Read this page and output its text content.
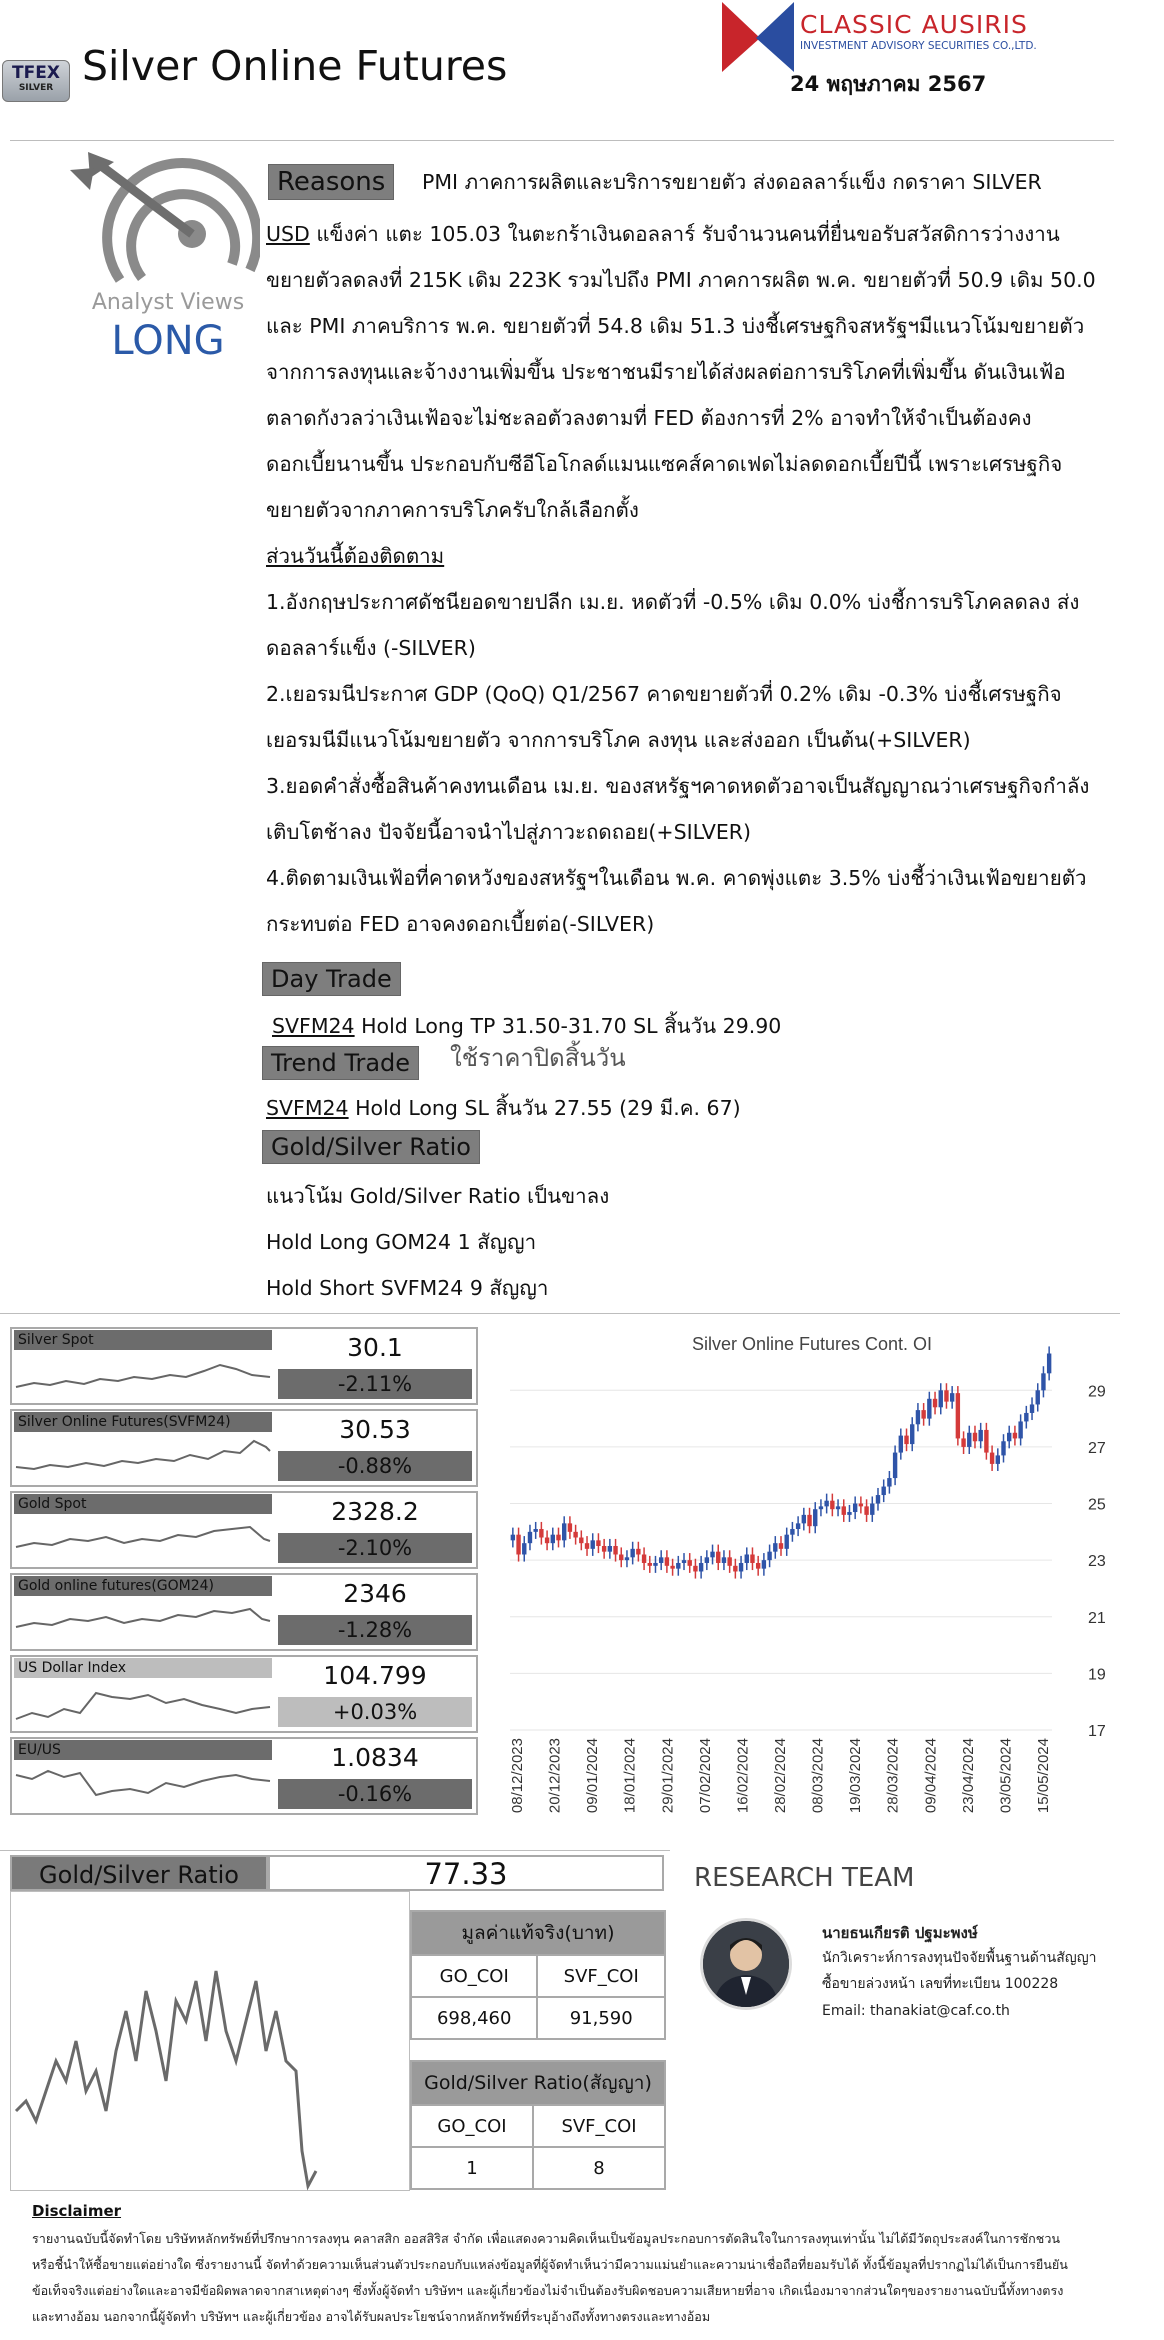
TFEX
SILVER Silver Online Futures
CLASSIC AUSIRIS
INVESTMENT ADVISORY SECURITIES CO.,LTD.
24 พฤษภาคม 2567
Analyst Views
LONG
Reasons	PMI ภาคการผลิตและบริการขยายตัว ส่งดอลลาร์แข็ง กดราคา SILVER
USD แข็งค่า แตะ 105.03 ในตะกร้าเงินดอลลาร์ รับจำนวนคนที่ยื่นขอรับสวัสดิการว่างงาน
ขยายตัวลดลงที่ 215K เดิม 223K รวมไปถึง PMI ภาคการผลิต พ.ค. ขยายตัวที่ 50.9 เดิม 50.0
และ PMI ภาคบริการ พ.ค. ขยายตัวที่ 54.8 เดิม 51.3 บ่งชี้เศรษฐกิจสหรัฐฯมีแนวโน้มขยายตัว
จากการลงทุนและจ้างงานเพิ่มขึ้น ประชาชนมีรายได้ส่งผลต่อการบริโภคที่เพิ่มขึ้น ดันเงินเฟ้อ
ตลาดกังวลว่าเงินเฟ้อจะไม่ชะลอตัวลงตามที่ FED ต้องการที่ 2% อาจทำให้จำเป็นต้องคง
ดอกเบี้ยนานขึ้น ประกอบกับซีอีโอโกลด์แมนแซคส์คาดเฟดไม่ลดดอกเบี้ยปีนี้ เพราะเศรษฐกิจ
ขยายตัวจากภาคการบริโภครับใกล้เลือกตั้ง
ส่วนวันนี้ต้องติดตาม
1.อังกฤษประกาศดัชนียอดขายปลีก เม.ย. หดตัวที่ -0.5% เดิม 0.0% บ่งชี้การบริโภคลดลง ส่ง
ดอลลาร์แข็ง (-SILVER)
2.เยอรมนีประกาศ GDP (QoQ) Q1/2567 คาดขยายตัวที่ 0.2% เดิม -0.3% บ่งชี้เศรษฐกิจ
เยอรมนีมีแนวโน้มขยายตัว จากการบริโภค ลงทุน และส่งออก เป็นต้น(+SILVER)
3.ยอดคำสั่งซื้อสินค้าคงทนเดือน เม.ย. ของสหรัฐฯคาดหดตัวอาจเป็นสัญญาณว่าเศรษฐกิจกำลัง
เติบโตช้าลง ปัจจัยนี้อาจนำไปสู่ภาวะถดถอย(+SILVER)
4.ติดตามเงินเฟ้อที่คาดหวังของสหรัฐฯในเดือน พ.ค. คาดพุ่งแตะ 3.5% บ่งชี้ว่าเงินเฟ้อขยายตัว
กระทบต่อ FED อาจคงดอกเบี้ยต่อ(-SILVER)
Day Trade
SVFM24 Hold Long TP 31.50-31.70 SL สิ้นวัน 29.90
Trend Trade	ใช้ราคาปิดสิ้นวัน
SVFM24 Hold Long SL สิ้นวัน 27.55 (29 มี.ค. 67)
Gold/Silver Ratio
แนวโน้ม Gold/Silver Ratio เป็นขาลง
Hold Long GOM24 1 สัญญา
Hold Short SVFM24 9 สัญญา
Silver Spot	30.1
-2.11%
Silver Online Futures(SVFM24)	30.53
-0.88%
Gold Spot	2328.2
-2.10%
Gold online futures(GOM24)	2346
-1.28%
US Dollar Index	104.799
+0.03%
EU/US	1.0834
-0.16%
Silver Online Futures Cont. OI
17
19
21
23
25
27
29
08/12/2023 20/12/2023 09/01/2024 18/01/2024 29/01/2024 07/02/2024 16/02/2024 28/02/2024 08/03/2024 19/03/2024 28/03/2024 09/04/2024 23/04/2024 03/05/2024 15/05/2024
Gold/Silver Ratio	77.33
มูลค่าแท้จริง(บาท)	
GO_COI	SVF_COI
698,460	91,590
Gold/Silver Ratio(สัญญา)	
GO_COI	SVF_COI
1	8
RESEARCH TEAM
นายธนเกียรติ ปฐมะพงษ์
นักวิเคราะห์การลงทุนปัจจัยพื้นฐานด้านสัญญา
ซื้อขายล่วงหน้า เลขที่ทะเบียน 100228
Email: thanakiat@caf.co.th
Disclaimer
รายงานฉบับนี้จัดทำโดย บริษัทหลักทรัพย์ที่ปรึกษาการลงทุน คลาสสิก ออสสิริส จำกัด เพื่อแสดงความคิดเห็นเป็นข้อมูลประกอบการตัดสินใจในการลงทุนเท่านั้น ไม่ได้มีวัตถุประสงค์ในการชักชวน
หรือชี้นำให้ซื้อขายแต่อย่างใด ซึ่งรายงานนี้ จัดทำด้วยความเห็นส่วนตัวประกอบกับแหล่งข้อมูลที่ผู้จัดทำเห็นว่ามีความแม่นยำและความน่าเชื่อถือที่ยอมรับได้ ทั้งนี้ข้อมูลที่ปรากฏไม่ได้เป็นการยืนยัน
ข้อเท็จจริงแต่อย่างใดและอาจมีข้อผิดพลาดจากสาเหตุต่างๆ ซึ่งทั้งผู้จัดทำ บริษัทฯ และผู้เกี่ยวข้องไม่จำเป็นต้องรับผิดชอบความเสียหายที่อาจ เกิดเนื่องมาจากส่วนใดๆของรายงานฉบับนี้ทั้งทางตรง
และทางอ้อม นอกจากนี้ผู้จัดทำ บริษัทฯ และผู้เกี่ยวข้อง อาจได้รับผลประโยชน์จากหลักทรัพย์ที่ระบุอ้างถึงทั้งทางตรงและทางอ้อม
